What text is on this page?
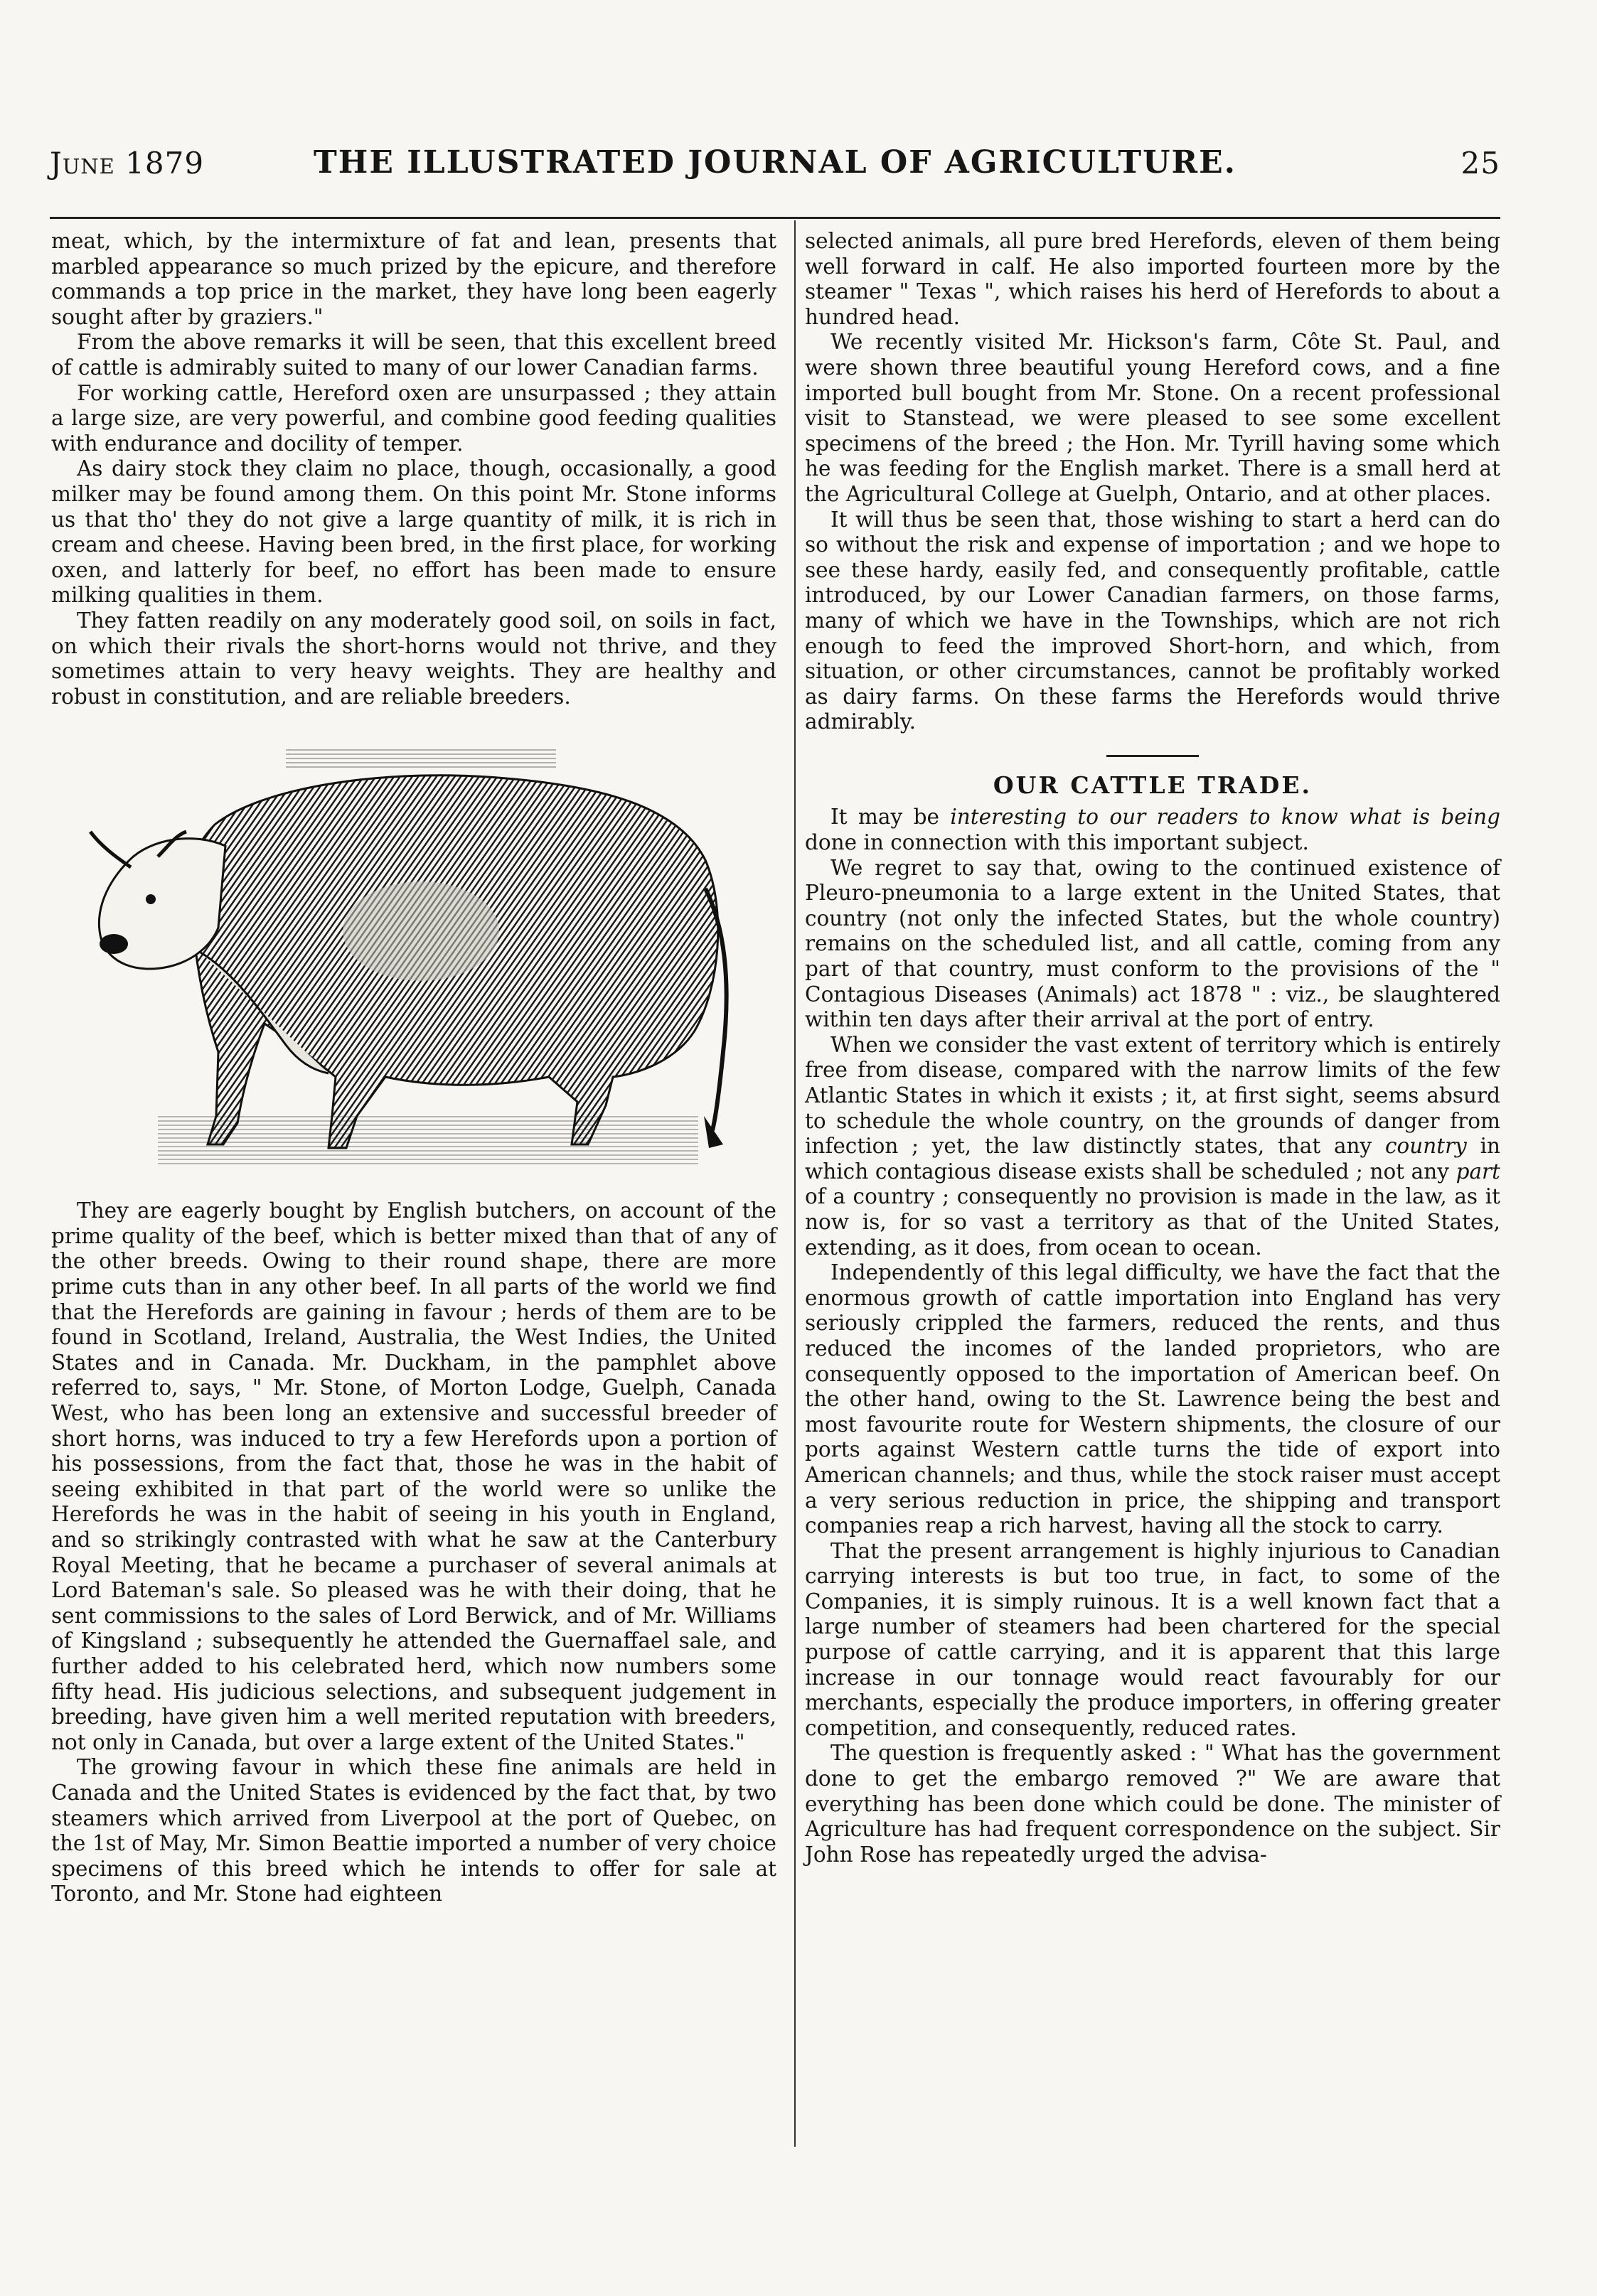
June 1879	THE ILLUSTRATED JOURNAL OF AGRICULTURE.	25

meat, which, by the intermixture of fat and lean, presents that marbled appearance so much prized by the epicure, and therefore commands a top price in the market, they have long been eagerly sought after by graziers."

From the above remarks it will be seen, that this excellent breed of cattle is admirably suited to many of our lower Canadian farms.

For working cattle, Hereford oxen are unsurpassed ; they attain a large size, are very powerful, and combine good feeding qualities with endurance and docility of temper.

As dairy stock they claim no place, though, occasionally, a good milker may be found among them. On this point Mr. Stone informs us that tho' they do not give a large quantity of milk, it is rich in cream and cheese. Having been bred, in the first place, for working oxen, and latterly for beef, no effort has been made to ensure milking qualities in them.

They fatten readily on any moderately good soil, on soils in fact, on which their rivals the short-horns would not thrive, and they sometimes attain to very heavy weights. They are healthy and robust in constitution, and are reliable breeders.

They are eagerly bought by English butchers, on account of the prime quality of the beef, which is better mixed than that of any of the other breeds. Owing to their round shape, there are more prime cuts than in any other beef. In all parts of the world we find that the Herefords are gaining in favour ; herds of them are to be found in Scotland, Ireland, Australia, the West Indies, the United States and in Canada. Mr. Duckham, in the pamphlet above referred to, says, " Mr. Stone, of Morton Lodge, Guelph, Canada West, who has been long an extensive and successful breeder of short horns, was induced to try a few Herefords upon a portion of his possessions, from the fact that, those he was in the habit of seeing exhibited in that part of the world were so unlike the Herefords he was in the habit of seeing in his youth in England, and so strikingly contrasted with what he saw at the Canterbury Royal Meeting, that he became a purchaser of several animals at Lord Bateman's sale. So pleased was he with their doing, that he sent commissions to the sales of Lord Berwick, and of Mr. Williams of Kingsland ; subsequently he attended the Guernaffael sale, and further added to his celebrated herd, which now numbers some fifty head. His judicious selections, and subsequent judgement in breeding, have given him a well merited reputation with breeders, not only in Canada, but over a large extent of the United States."

The growing favour in which these fine animals are held in Canada and the United States is evidenced by the fact that, by two steamers which arrived from Liverpool at the port of Quebec, on the 1st of May, Mr. Simon Beattie imported a number of very choice specimens of this breed which he intends to offer for sale at Toronto, and Mr. Stone had eighteen

selected animals, all pure bred Herefords, eleven of them being well forward in calf. He also imported fourteen more by the steamer " Texas ", which raises his herd of Herefords to about a hundred head.

We recently visited Mr. Hickson's farm, Côte St. Paul, and were shown three beautiful young Hereford cows, and a fine imported bull bought from Mr. Stone. On a recent professional visit to Stanstead, we were pleased to see some excellent specimens of the breed ; the Hon. Mr. Tyrill having some which he was feeding for the English market. There is a small herd at the Agricultural College at Guelph, Ontario, and at other places.

It will thus be seen that, those wishing to start a herd can do so without the risk and expense of importation ; and we hope to see these hardy, easily fed, and consequently profitable, cattle introduced, by our Lower Canadian farmers, on those farms, many of which we have in the Townships, which are not rich enough to feed the improved Short-horn, and which, from situation, or other circumstances, cannot be profitably worked as dairy farms. On these farms the Herefords would thrive admirably.

OUR CATTLE TRADE.

It may be interesting to our readers to know what is being done in connection with this important subject.

We regret to say that, owing to the continued existence of Pleuro-pneumonia to a large extent in the United States, that country (not only the infected States, but the whole country) remains on the scheduled list, and all cattle, coming from any part of that country, must conform to the provisions of the " Contagious Diseases (Animals) act 1878 " : viz., be slaughtered within ten days after their arrival at the port of entry.

When we consider the vast extent of territory which is entirely free from disease, compared with the narrow limits of the few Atlantic States in which it exists ; it, at first sight, seems absurd to schedule the whole country, on the grounds of danger from infection ; yet, the law distinctly states, that any country in which contagious disease exists shall be scheduled ; not any part of a country ; consequently no provision is made in the law, as it now is, for so vast a territory as that of the United States, extending, as it does, from ocean to ocean.

Independently of this legal difficulty, we have the fact that the enormous growth of cattle importation into England has very seriously crippled the farmers, reduced the rents, and thus reduced the incomes of the landed proprietors, who are consequently opposed to the importation of American beef. On the other hand, owing to the St. Lawrence being the best and most favourite route for Western shipments, the closure of our ports against Western cattle turns the tide of export into American channels; and thus, while the stock raiser must accept a very serious reduction in price, the shipping and transport companies reap a rich harvest, having all the stock to carry.

That the present arrangement is highly injurious to Canadian carrying interests is but too true, in fact, to some of the Companies, it is simply ruinous. It is a well known fact that a large number of steamers had been chartered for the special purpose of cattle carrying, and it is apparent that this large increase in our tonnage would react favourably for our merchants, especially the produce importers, in offering greater competition, and consequently, reduced rates.

The question is frequently asked : " What has the government done to get the embargo removed ?" We are aware that everything has been done which could be done. The minister of Agriculture has had frequent correspondence on the subject. Sir John Rose has repeatedly urged the advisa-
